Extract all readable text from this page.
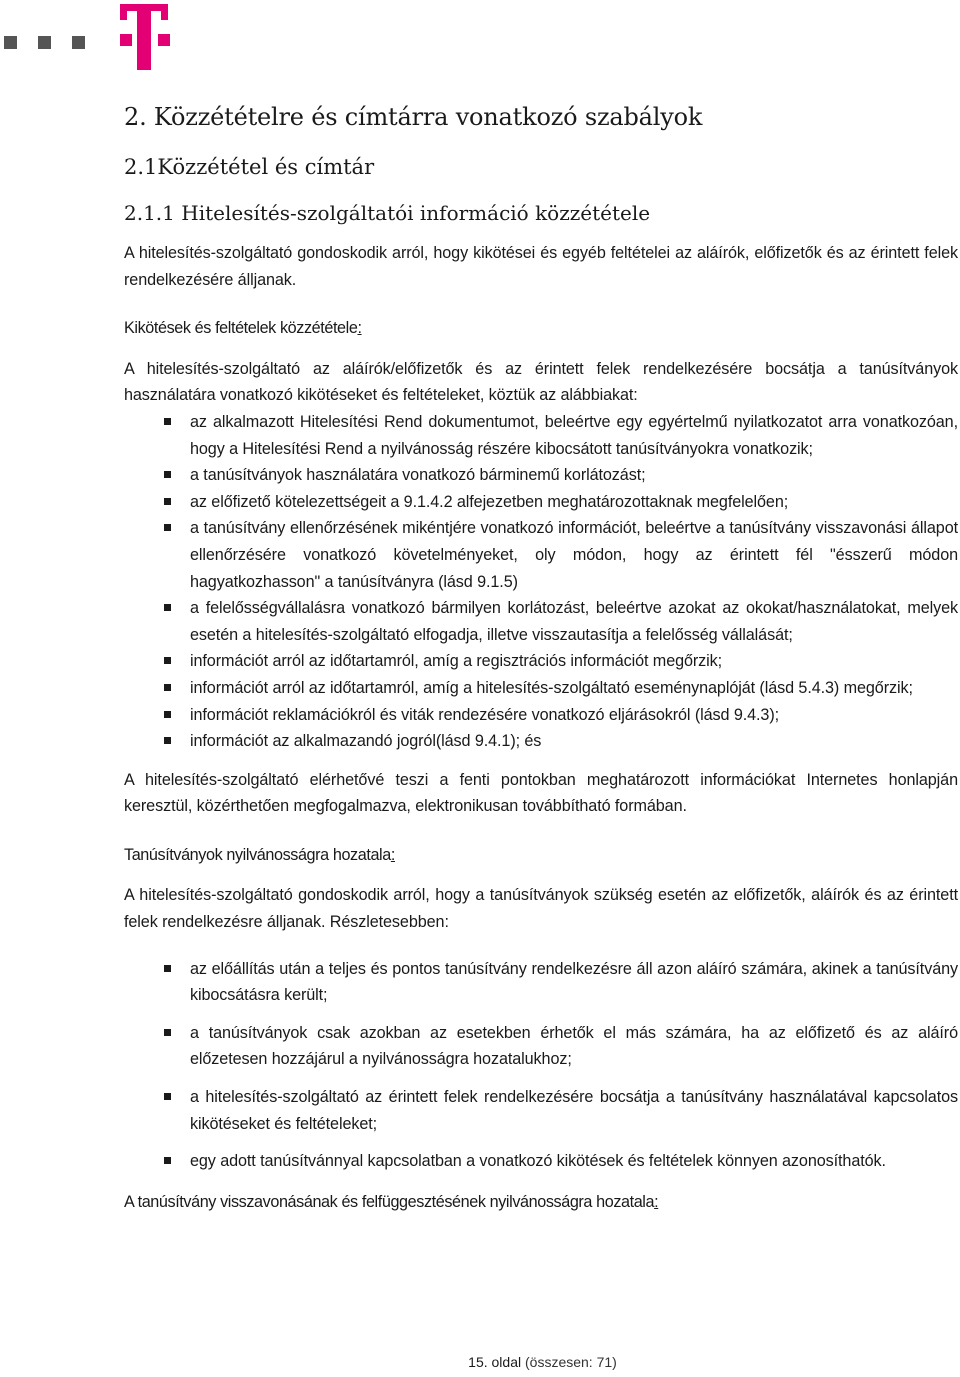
2. Közzétételre és címtárra vonatkozó szabályok
2.1Közzététel és címtár
2.1.1 Hitelesítés-szolgáltatói információ közzététele

A hitelesítés-szolgáltató gondoskodik arról, hogy kikötései és egyéb feltételei az aláírók, előfizetők és az érintett felek rendelkezésére álljanak.

Kikötések és feltételek közzététele:

A hitelesítés-szolgáltató az aláírók/előfizetők és az érintett felek rendelkezésére bocsátja a tanúsítványok használatára vonatkozó kikötéseket és feltételeket, köztük az alábbiakat:

az alkalmazott Hitelesítési Rend dokumentumot, beleértve egy egyértelmű nyilatkozatot arra vonatkozóan, hogy a Hitelesítési Rend a nyilvánosság részére kibocsátott tanúsítványokra vonatkozik;
a tanúsítványok használatára vonatkozó bárminemű korlátozást;
az előfizető kötelezettségeit a 9.1.4.2 alfejezetben meghatározottaknak megfelelően;
a tanúsítvány ellenőrzésének mikéntjére vonatkozó információt, beleértve a tanúsítvány visszavonási állapot ellenőrzésére vonatkozó követelményeket, oly módon, hogy az érintett fél "ésszerű módon hagyatkozhasson" a tanúsítványra (lásd 9.1.5)
a felelősségvállalásra vonatkozó bármilyen korlátozást, beleértve azokat az okokat/használatokat, melyek esetén a hitelesítés-szolgáltató elfogadja, illetve visszautasítja a felelősség vállalását;
információt arról az időtartamról, amíg a regisztrációs információt megőrzik;
információt arról az időtartamról, amíg a hitelesítés-szolgáltató eseménynaplóját (lásd 5.4.3) megőrzik;
információt reklamációkról és viták rendezésére vonatkozó eljárásokról (lásd 9.4.3);
információt az alkalmazandó jogról(lásd 9.4.1); és

A hitelesítés-szolgáltató elérhetővé teszi a fenti pontokban meghatározott információkat Internetes honlapján keresztül, közérthetően megfogalmazva, elektronikusan továbbítható formában.

Tanúsítványok nyilvánosságra hozatala:

A hitelesítés-szolgáltató gondoskodik arról, hogy a tanúsítványok szükség esetén az előfizetők, aláírók és az érintett felek rendelkezésre álljanak. Részletesebben:

az előállítás után a teljes és pontos tanúsítvány rendelkezésre áll azon aláíró számára, akinek a tanúsítvány kibocsátásra került;
a tanúsítványok csak azokban az esetekben érhetők el más számára, ha az előfizető és az aláíró előzetesen hozzájárul a nyilvánosságra hozatalukhoz;
a hitelesítés-szolgáltató az érintett felek rendelkezésére bocsátja a tanúsítvány használatával kapcsolatos kikötéseket és feltételeket;
egy adott tanúsítvánnyal kapcsolatban a vonatkozó kikötések és feltételek könnyen azonosíthatók.
A tanúsítvány visszavonásának és felfüggesztésének nyilvánosságra hozatala:
15. oldal (összesen: 71)
